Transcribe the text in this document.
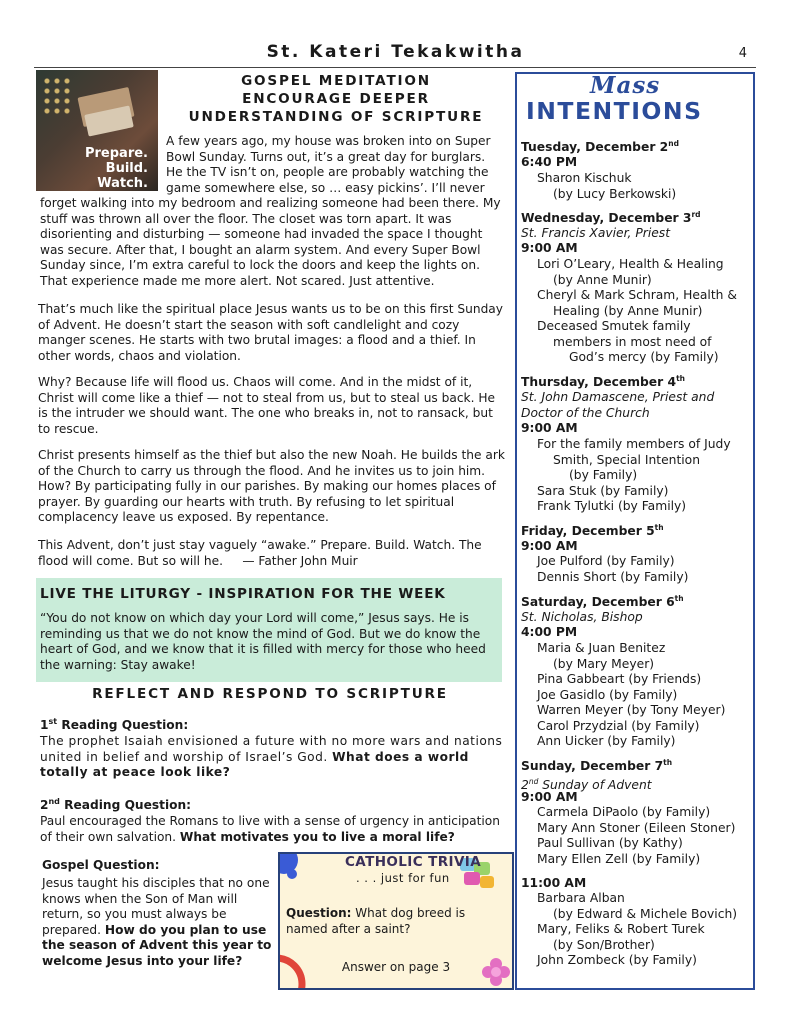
St. Kateri Tekakwitha	4
Prepare.
Build.
Watch.
GOSPEL MEDITATION
ENCOURAGE DEEPER
UNDERSTANDING OF SCRIPTURE
A few years ago, my house was broken into on Super Bowl Sunday. Turns out, it’s a great day for burglars. He the TV isn’t on, people are probably watching the game somewhere else, so … easy pickins’. I’ll never
forget walking into my bedroom and realizing someone had been there. My stuff was thrown all over the floor. The closet was torn apart. It was disorienting and disturbing — someone had invaded the space I thought was secure. After that, I bought an alarm system. And every Super Bowl Sunday since, I’m extra careful to lock the doors and keep the lights on. That experience made me more alert. Not scared. Just attentive.
That’s much like the spiritual place Jesus wants us to be on this first Sunday of Advent. He doesn’t start the season with soft candlelight and cozy manger scenes. He starts with two brutal images: a flood and a thief. In other words, chaos and violation.
Why? Because life will flood us. Chaos will come. And in the midst of it, Christ will come like a thief — not to steal from us, but to steal us back. He is the intruder we should want. The one who breaks in, not to ransack, but to rescue.
Christ presents himself as the thief but also the new Noah. He builds the ark of the Church to carry us through the flood. And he invites us to join him. How? By participating fully in our parishes. By making our homes places of prayer. By guarding our hearts with truth. By refusing to let spiritual complacency leave us exposed. By repentance.
This Advent, don’t just stay vaguely “awake.” Prepare. Build. Watch. The flood will come. But so will he. — Father John Muir
LIVE THE LITURGY - INSPIRATION FOR THE WEEK
“You do not know on which day your Lord will come,” Jesus says. He is reminding us that we do not know the mind of God. But we do know the heart of God, and we know that it is filled with mercy for those who heed the warning: Stay awake!
REFLECT AND RESPOND TO SCRIPTURE
1st Reading Question:
The prophet Isaiah envisioned a future with no more wars and nations united in belief and worship of Israel’s God. What does a world totally at peace look like?
2nd Reading Question:
Paul encouraged the Romans to live with a sense of urgency in anticipation of their own salvation. What motivates you to live a moral life?
Gospel Question:
Jesus taught his disciples that no one knows when the Son of Man will return, so you must always be prepared. How do you plan to use the season of Advent this year to welcome Jesus into your life?
CATHOLIC TRIVIA
. . . just for fun
Question: What dog breed is named after a saint?
Answer on page 3
Mass
INTENTIONS
Tuesday, December 2nd
6:40 PM
Sharon Kischuk
(by Lucy Berkowski)
Wednesday, December 3rd
St. Francis Xavier, Priest
9:00 AM
Lori O’Leary, Health & Healing
(by Anne Munir)
Cheryl & Mark Schram, Health &
Healing (by Anne Munir)
Deceased Smutek family
members in most need of
God’s mercy (by Family)
Thursday, December 4th
St. John Damascene, Priest and Doctor of the Church
9:00 AM
For the family members of Judy
Smith, Special Intention
(by Family)
Sara Stuk (by Family)
Frank Tylutki (by Family)
Friday, December 5th
9:00 AM
Joe Pulford (by Family)
Dennis Short (by Family)
Saturday, December 6th
St. Nicholas, Bishop
4:00 PM
Maria & Juan Benitez
(by Mary Meyer)
Pina Gabbeart (by Friends)
Joe Gasidlo (by Family)
Warren Meyer (by Tony Meyer)
Carol Przydzial (by Family)
Ann Uicker (by Family)
Sunday, December 7th
2nd Sunday of Advent
9:00 AM
Carmela DiPaolo (by Family)
Mary Ann Stoner (Eileen Stoner)
Paul Sullivan (by Kathy)
Mary Ellen Zell (by Family)
11:00 AM
Barbara Alban
(by Edward & Michele Bovich)
Mary, Feliks & Robert Turek
(by Son/Brother)
John Zombeck (by Family)
